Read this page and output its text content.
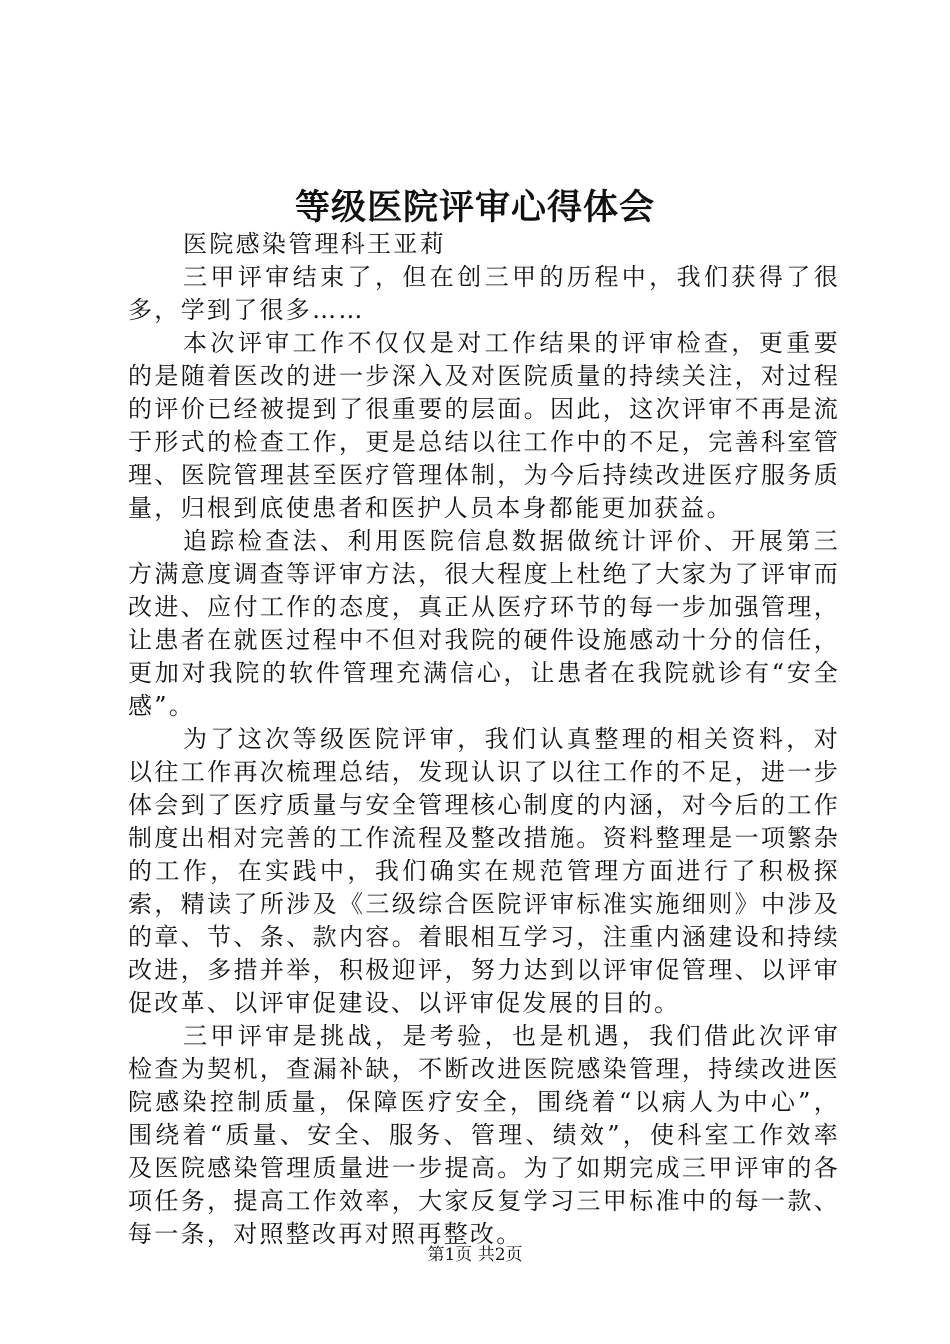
等级医院评审心得体会

医院感染管理科王亚莉

三甲评审结束了，但在创三甲的历程中，我们获得了很多，学到了很多……

本次评审工作不仅仅是对工作结果的评审检查，更重要的是随着医改的进一步深入及对医院质量的持续关注，对过程的评价已经被提到了很重要的层面。因此，这次评审不再是流于形式的检查工作，更是总结以往工作中的不足，完善科室管理、医院管理甚至医疗管理体制，为今后持续改进医疗服务质量，归根到底使患者和医护人员本身都能更加获益。

追踪检查法、利用医院信息数据做统计评价、开展第三方满意度调查等评审方法，很大程度上杜绝了大家为了评审而改进、应付工作的态度，真正从医疗环节的每一步加强管理，让患者在就医过程中不但对我院的硬件设施感动十分的信任，更加对我院的软件管理充满信心，让患者在我院就诊有“安全感”。

为了这次等级医院评审，我们认真整理的相关资料，对以往工作再次梳理总结，发现认识了以往工作的不足，进一步体会到了医疗质量与安全管理核心制度的内涵，对今后的工作制度出相对完善的工作流程及整改措施。资料整理是一项繁杂的工作，在实践中，我们确实在规范管理方面进行了积极探索，精读了所涉及《三级综合医院评审标准实施细则》中涉及的章、节、条、款内容。着眼相互学习，注重内涵建设和持续改进，多措并举，积极迎评，努力达到以评审促管理、以评审促改革、以评审促建设、以评审促发展的目的。

三甲评审是挑战，是考验，也是机遇，我们借此次评审检查为契机，查漏补缺，不断改进医院感染管理，持续改进医院感染控制质量，保障医疗安全，围绕着“以病人为中心”，围绕着“质量、安全、服务、管理、绩效”，使科室工作效率及医院感染管理质量进一步提高。为了如期完成三甲评审的各项任务，提高工作效率，大家反复学习三甲标准中的每一款、每一条，对照整改再对照再整改。

第1页 共2页
